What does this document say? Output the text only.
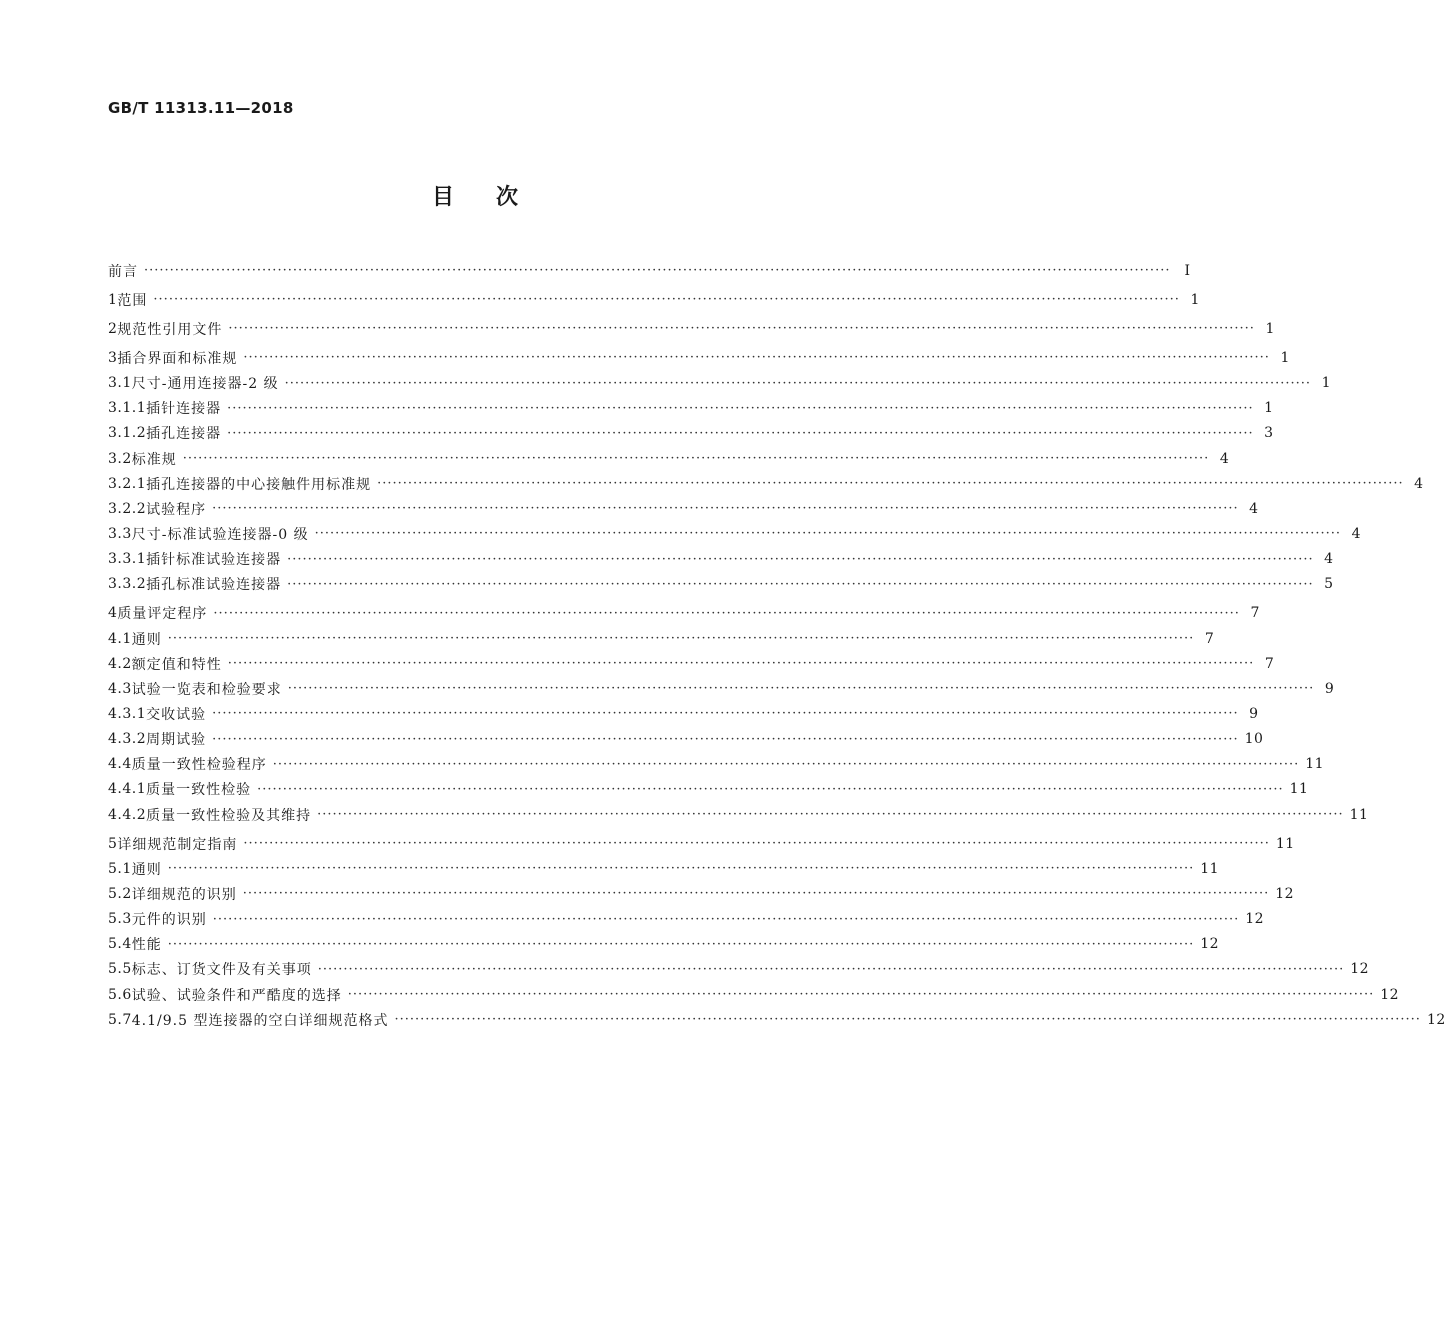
GB/T 11313.11—2018
目次
前言 ········································································································································································································ Ⅰ
1 范围 ········································································································································································································ 1
2 规范性引用文件 ········································································································································································································ 1
3 插合界面和标准规 ········································································································································································································ 1
3.1 尺寸-通用连接器-2 级 ········································································································································································································ 1
3.1.1 插针连接器 ········································································································································································································ 1
3.1.2 插孔连接器 ········································································································································································································ 3
3.2 标准规 ········································································································································································································ 4
3.2.1 插孔连接器的中心接触件用标准规 ········································································································································································································ 4
3.2.2 试验程序 ········································································································································································································ 4
3.3 尺寸-标准试验连接器-0 级 ········································································································································································································ 4
3.3.1 插针标准试验连接器 ········································································································································································································ 4
3.3.2 插孔标准试验连接器 ········································································································································································································ 5
4 质量评定程序 ········································································································································································································ 7
4.1 通则 ········································································································································································································ 7
4.2 额定值和特性 ········································································································································································································ 7
4.3 试验一览表和检验要求 ········································································································································································································ 9
4.3.1 交收试验 ········································································································································································································ 9
4.3.2 周期试验 ········································································································································································································ 10
4.4 质量一致性检验程序 ········································································································································································································ 11
4.4.1 质量一致性检验 ········································································································································································································ 11
4.4.2 质量一致性检验及其维持 ········································································································································································································ 11
5 详细规范制定指南 ········································································································································································································ 11
5.1 通则 ········································································································································································································ 11
5.2 详细规范的识别 ········································································································································································································ 12
5.3 元件的识别 ········································································································································································································ 12
5.4 性能 ········································································································································································································ 12
5.5 标志、订货文件及有关事项 ········································································································································································································ 12
5.6 试验、试验条件和严酷度的选择 ········································································································································································································ 12
5.7 4.1/9.5 型连接器的空白详细规范格式 ········································································································································································································ 12
